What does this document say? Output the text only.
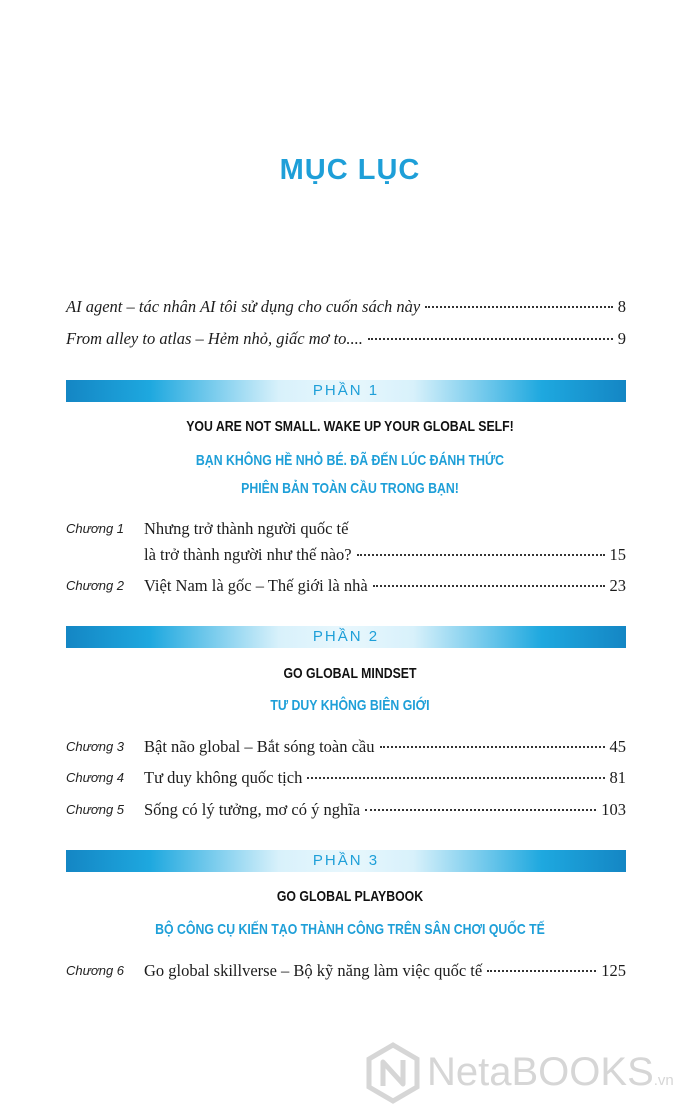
MỤC LỤC
AI agent – tác nhân AI tôi sử dụng cho cuốn sách này	8
From alley to atlas – Hẻm nhỏ, giấc mơ to....	9
PHẦN 1
YOU ARE NOT SMALL. WAKE UP YOUR GLOBAL SELF!
BẠN KHÔNG HỀ NHỎ BÉ. ĐÃ ĐẾN LÚC ĐÁNH THỨC
PHIÊN BẢN TOÀN CẦU TRONG BẠN!
Chương 1 Nhưng trở thành người quốc tế
là trở thành người như thế nào?	15
Chương 2 Việt Nam là gốc – Thế giới là nhà	23
PHẦN 2
GO GLOBAL MINDSET
TƯ DUY KHÔNG BIÊN GIỚI
Chương 3 Bật não global – Bắt sóng toàn cầu	45
Chương 4 Tư duy không quốc tịch	81
Chương 5 Sống có lý tưởng, mơ có ý nghĩa	103
PHẦN 3
GO GLOBAL PLAYBOOK
BỘ CÔNG CỤ KIẾN TẠO THÀNH CÔNG TRÊN SÂN CHƠI QUỐC TẾ
Chương 6 Go global skillverse – Bộ kỹ năng làm việc quốc tế	125
NetaBOOKS.vn
